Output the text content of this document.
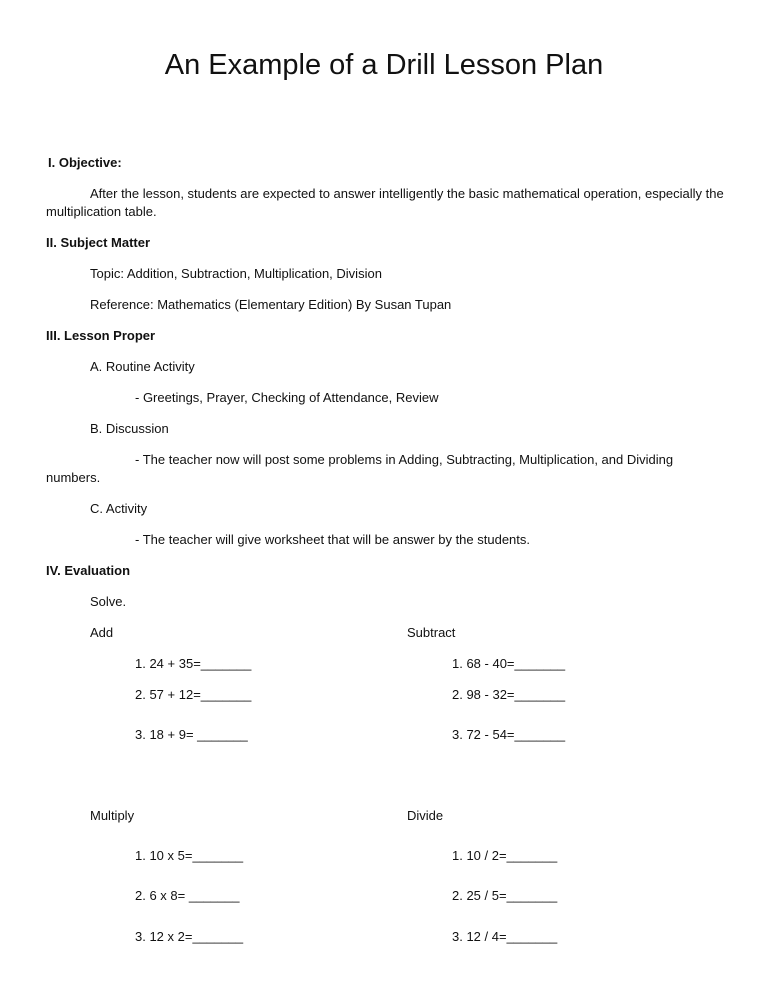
An Example of a Drill Lesson Plan
I. Objective:
After the lesson, students are expected to answer intelligently the basic mathematical operation, especially the multiplication table.
II. Subject Matter
Topic: Addition, Subtraction, Multiplication, Division
Reference: Mathematics (Elementary Edition) By Susan Tupan
III. Lesson Proper
A. Routine Activity
- Greetings, Prayer, Checking of Attendance, Review
B. Discussion
- The teacher now will post some problems in Adding, Subtracting, Multiplication, and Dividing numbers.
C. Activity
- The teacher will give worksheet that will be answer by the students.
IV. Evaluation
Solve.
Add
1. 24 + 35=_______
2. 57 + 12=_______
3. 18 + 9= _______
Subtract
1. 68 - 40=_______
2. 98 - 32=_______
3. 72 - 54=_______
Multiply
1. 10 x 5=_______
2. 6 x 8= _______
3. 12 x 2=_______
Divide
1. 10 / 2=_______
2. 25 / 5=_______
3. 12 / 4=_______
